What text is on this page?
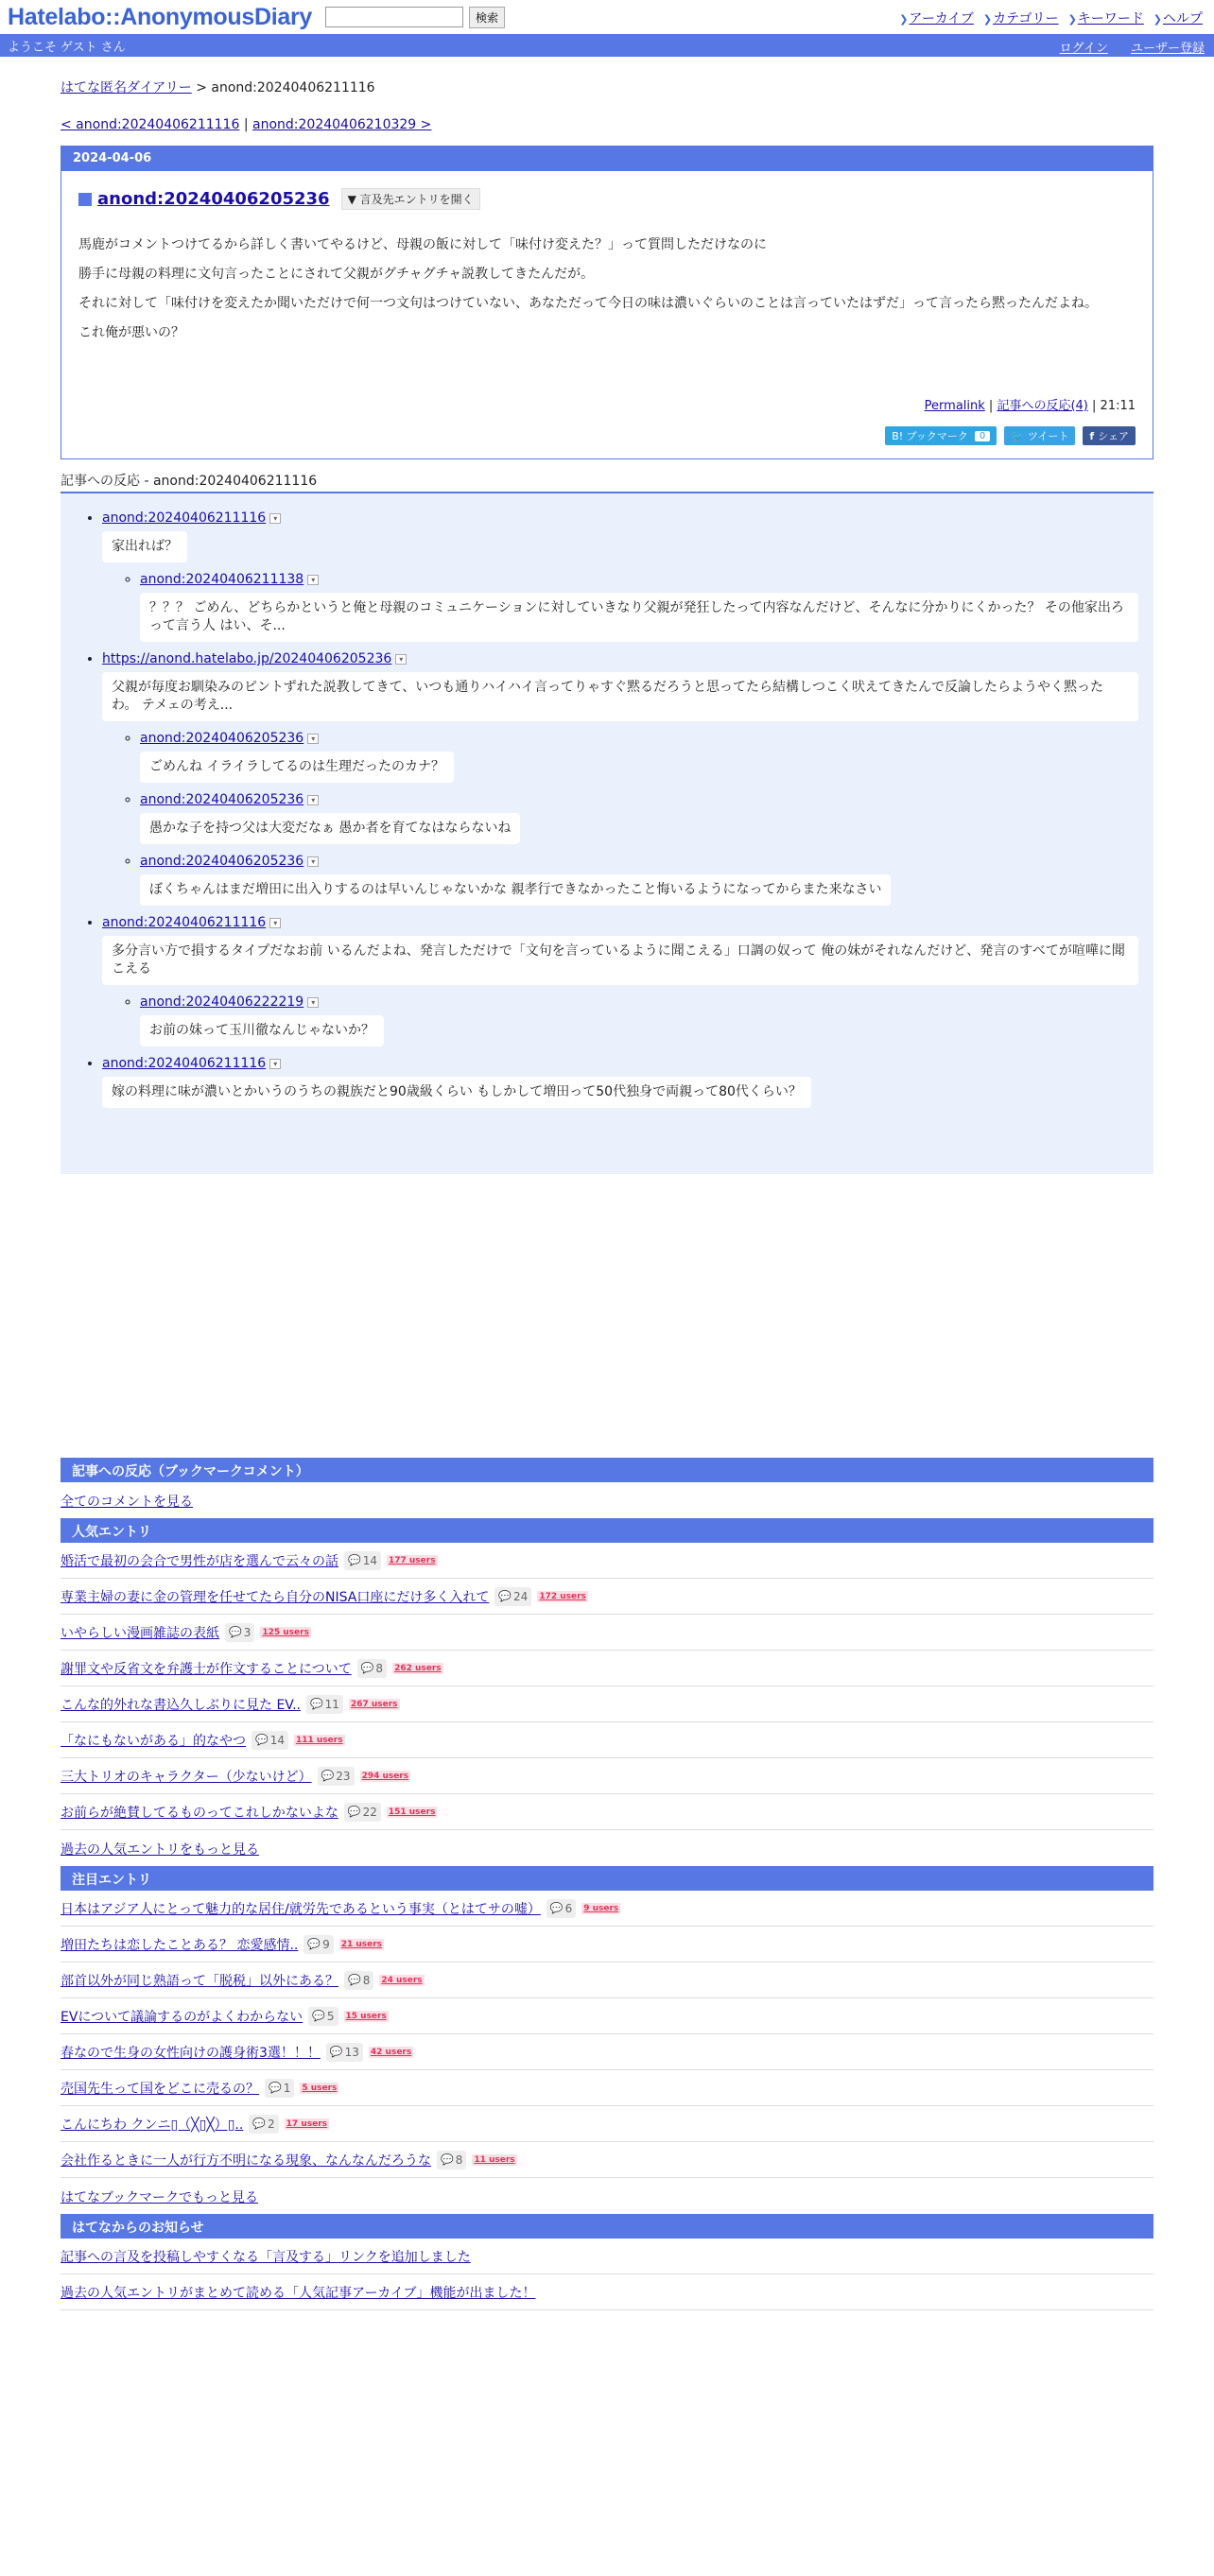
Hatelabo::AnonymousDiary	検索	❯アーカイブ ❯カテゴリー ❯キーワード ❯ヘルプ
ようこそ ゲスト さん	ログイン ユーザー登録
はてな匿名ダイアリー > anond:20240406211116
< anond:20240406211116 | anond:20240406210329 >
2024-04-06
anond:20240406205236	▼ 言及先エントリを開く

馬鹿がコメントつけてるから詳しく書いてやるけど、母親の飯に対して「味付け変えた？」って質問しただけなのに

勝手に母親の料理に文句言ったことにされて父親がグチャグチャ説教してきたんだが。

それに対して「味付けを変えたか聞いただけで何一つ文句はつけていない、あなただって今日の味は濃いぐらいのことは言っていたはずだ」って言ったら黙ったんだよね。

これ俺が悪いの？

Permalink | 記事への反応(4) | 21:11
B! ブックマーク	0	🐦 ツイート f シェア
記事への反応 - anond:20240406211116
• anond:20240406211116 ▾
家出れば？
◦ anond:20240406211138 ▾
？？？ ごめん、どちらかというと俺と母親のコミュニケーションに対していきなり父親が発狂したって内容なんだけど、そんなに分かりにくかった？ その他家出ろって言う人 はい、そ...
• https://anond.hatelabo.jp/20240406205236 ▾
父親が毎度お馴染みのピントずれた説教してきて、いつも通りハイハイ言ってりゃすぐ黙るだろうと思ってたら結構しつこく吠えてきたんで反論したらようやく黙ったわ。 テメェの考え...
◦ anond:20240406205236 ▾
ごめんね イライラしてるのは生理だったのカナ？
◦ anond:20240406205236 ▾
愚かな子を持つ父は大変だなぁ 愚か者を育てなはならないね
◦ anond:20240406205236 ▾
ぼくちゃんはまだ増田に出入りするのは早いんじゃないかな 親孝行できなかったこと悔いるようになってからまた来なさい
• anond:20240406211116 ▾
多分言い方で損するタイプだなお前 いるんだよね、発言しただけで「文句を言っているように聞こえる」口調の奴って 俺の妹がそれなんだけど、発言のすべてが喧嘩に聞こえる
◦ anond:20240406222219 ▾
お前の妹って玉川徹なんじゃないか？
• anond:20240406211116 ▾
嫁の料理に味が濃いとかいうのうちの親族だと90歳級くらい もしかして増田って50代独身で両親って80代くらい？
記事への反応（ブックマークコメント）
全てのコメントを見る
人気エントリ
婚活で最初の会合で男性が店を選んで云々の話 💬 14 177 users
専業主婦の妻に金の管理を任せてたら自分のNISA口座にだけ多く入れて 💬 24 172 users
いやらしい漫画雑誌の表紙 💬 3 125 users
謝罪文や反省文を弁護士が作文することについて 💬 8 262 users
こんな的外れな書込久しぶりに見た EV.. 💬 11 267 users
「なにもないがある」的なやつ 💬 14 111 users
三大トリオのキャラクター（少ないけど） 💬 23 294 users
お前らが絶賛してるものってこれしかないよな 💬 22 151 users
過去の人気エントリをもっと見る
注目エントリ
日本はアジア人にとって魅力的な居住/就労先であるという事実（とはてサの嘘） 💬 6 9 users
増田たちは恋したことある？ 恋愛感情.. 💬 9 21 users
部首以外が同じ熟語って「脱税」以外にある？ 💬 8 24 users
EVについて議論するのがよくわからない 💬 5 15 users
春なので生身の女性向けの護身術3選！！！ 💬 13 42 users
売国先生って国をどこに売るの？ 💬 1 5 users
こんにちわ クンニ▯（╳▯╳）▯.. 💬 2 17 users
会社作るときに一人が行方不明になる現象、なんなんだろうな 💬 8 11 users
はてなブックマークでもっと見る
はてなからのお知らせ
記事への言及を投稿しやすくなる「言及する」リンクを追加しました
過去の人気エントリがまとめて読める「人気記事アーカイブ」機能が出ました！
